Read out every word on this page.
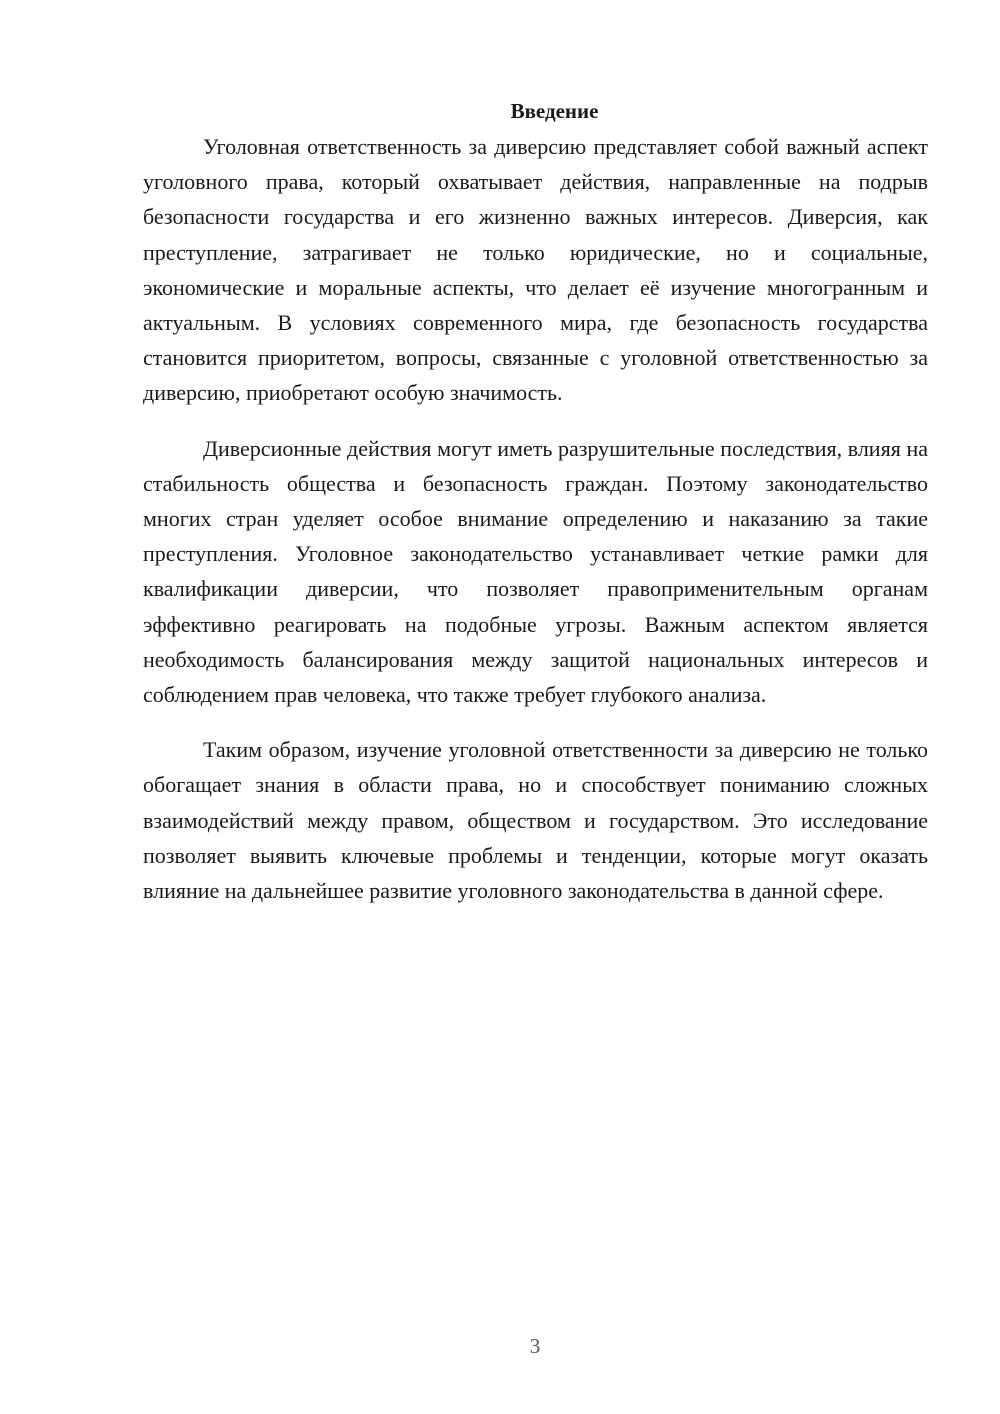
Введение

Уголовная ответственность за диверсию представляет собой важный аспект уголовного права, который охватывает действия, направленные на подрыв безопасности государства и его жизненно важных интересов. Диверсия, как преступление, затрагивает не только юридические, но и социальные, экономические и моральные аспекты, что делает её изучение многогранным и актуальным. В условиях современного мира, где безопасность государства становится приоритетом, вопросы, связанные с уголовной ответственностью за диверсию, приобретают особую значимость.

Диверсионные действия могут иметь разрушительные последствия, влияя на стабильность общества и безопасность граждан. Поэтому законодательство многих стран уделяет особое внимание определению и наказанию за такие преступления. Уголовное законодательство устанавливает четкие рамки для квалификации диверсии, что позволяет правоприменительным органам эффективно реагировать на подобные угрозы. Важным аспектом является необходимость балансирования между защитой национальных интересов и соблюдением прав человека, что также требует глубокого анализа.

Таким образом, изучение уголовной ответственности за диверсию не только обогащает знания в области права, но и способствует пониманию сложных взаимодействий между правом, обществом и государством. Это исследование позволяет выявить ключевые проблемы и тенденции, которые могут оказать влияние на дальнейшее развитие уголовного законодательства в данной сфере.

3
